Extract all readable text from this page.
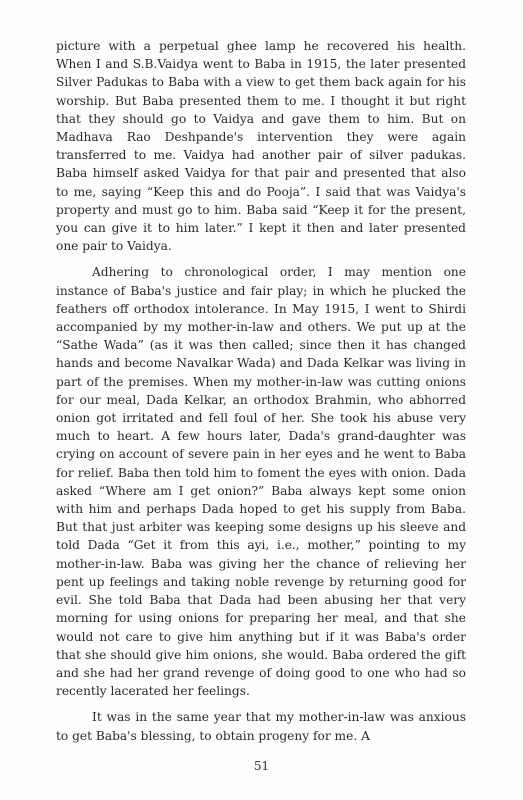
picture with a perpetual ghee lamp he recovered his health. When I and S.B.Vaidya went to Baba in 1915, the later presented Silver Padukas to Baba with a view to get them back again for his worship. But Baba presented them to me. I thought it but right that they should go to Vaidya and gave them to him. But on Madhava Rao Deshpande's intervention they were again transferred to me. Vaidya had another pair of silver padukas. Baba himself asked Vaidya for that pair and presented that also to me, saying “Keep this and do Pooja”. I said that was Vaidya's property and must go to him. Baba said “Keep it for the present, you can give it to him later.” I kept it then and later presented one pair to Vaidya.

Adhering to chronological order, I may mention one instance of Baba's justice and fair play; in which he plucked the feathers off orthodox intolerance. In May 1915, I went to Shirdi accompanied by my mother-in-law and others. We put up at the “Sathe Wada” (as it was then called; since then it has changed hands and become Navalkar Wada) and Dada Kelkar was living in part of the premises. When my mother-in-law was cutting onions for our meal, Dada Kelkar, an orthodox Brahmin, who abhorred onion got irritated and fell foul of her. She took his abuse very much to heart. A few hours later, Dada's grand-daughter was crying on account of severe pain in her eyes and he went to Baba for relief. Baba then told him to foment the eyes with onion. Dada asked “Where am I get onion?” Baba always kept some onion with him and perhaps Dada hoped to get his supply from Baba. But that just arbiter was keeping some designs up his sleeve and told Dada “Get it from this ayi, i.e., mother,” pointing to my mother-in-law. Baba was giving her the chance of relieving her pent up feelings and taking noble revenge by returning good for evil. She told Baba that Dada had been abusing her that very morning for using onions for preparing her meal, and that she would not care to give him anything but if it was Baba's order that she should give him onions, she would. Baba ordered the gift and she had her grand revenge of doing good to one who had so recently lacerated her feelings.

It was in the same year that my mother-in-law was anxious to get Baba's blessing, to obtain progeny for me. A

51
